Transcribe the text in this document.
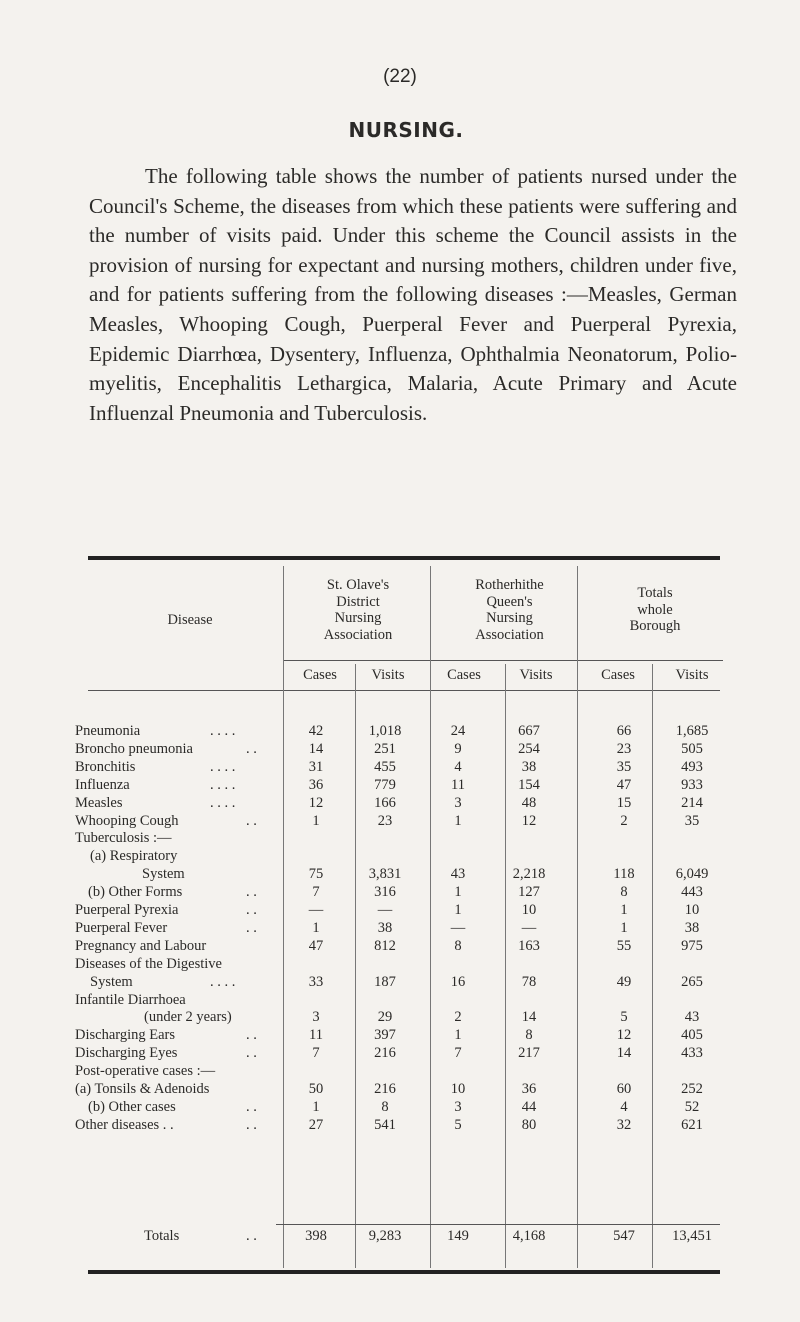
(22)
NURSING.
The following table shows the number of patients nursed under the Council's Scheme, the diseases from which these patients were suffering and the number of visits paid. Under this scheme the Council assists in the provision of nursing for expectant and nursing mothers, children under five, and for patients suffering from the following diseases :—Measles, German Measles, Whooping Cough, Puerperal Fever and Puerperal Pyrexia, Epidemic Diarrhœa, Dysentery, Influenza, Ophthalmia Neonatorum, Polio-myelitis, Encephalitis Lethargica, Malaria, Acute Primary and Acute Influenzal Pneumonia and Tuberculosis.
Disease
St. Olave's
District
Nursing
Association
Rotherhithe
Queen's
Nursing
Association
Totals
whole
Borough
Cases	Visits	Cases	Visits	Cases	Visits
Pneumonia	. . . .	42	1,018	24	667	66	1,685
Broncho pneumonia	. .	14	251	9	254	23	505
Bronchitis	. . . .	31	455	4	38	35	493
Influenza	. . . .	36	779	11	154	47	933
Measles	. . . .	12	166	3	48	15	214
Whooping Cough	. .	1	23	1	12	2	35
Tuberculosis :—
(a) Respiratory
System	75	3,831	43	2,218	118	6,049
(b) Other Forms	. .	7	316	1	127	8	443
Puerperal Pyrexia	. .	—	—	1	10	1	10
Puerperal Fever	. .	1	38	—	—	1	38
Pregnancy and Labour	47	812	8	163	55	975
Diseases of the Digestive
System	. . . .	33	187	16	78	49	265
Infantile Diarrhoea
(under 2 years)	3	29	2	14	5	43
Discharging Ears	. .	11	397	1	8	12	405
Discharging Eyes	. .	7	216	7	217	14	433
Post-operative cases :—
(a) Tonsils & Adenoids	50	216	10	36	60	252
(b) Other cases	. .	1	8	3	44	4	52
Other diseases . .	. .	27	541	5	80	32	621
Totals	. .	398	9,283	149	4,168	547	13,451
